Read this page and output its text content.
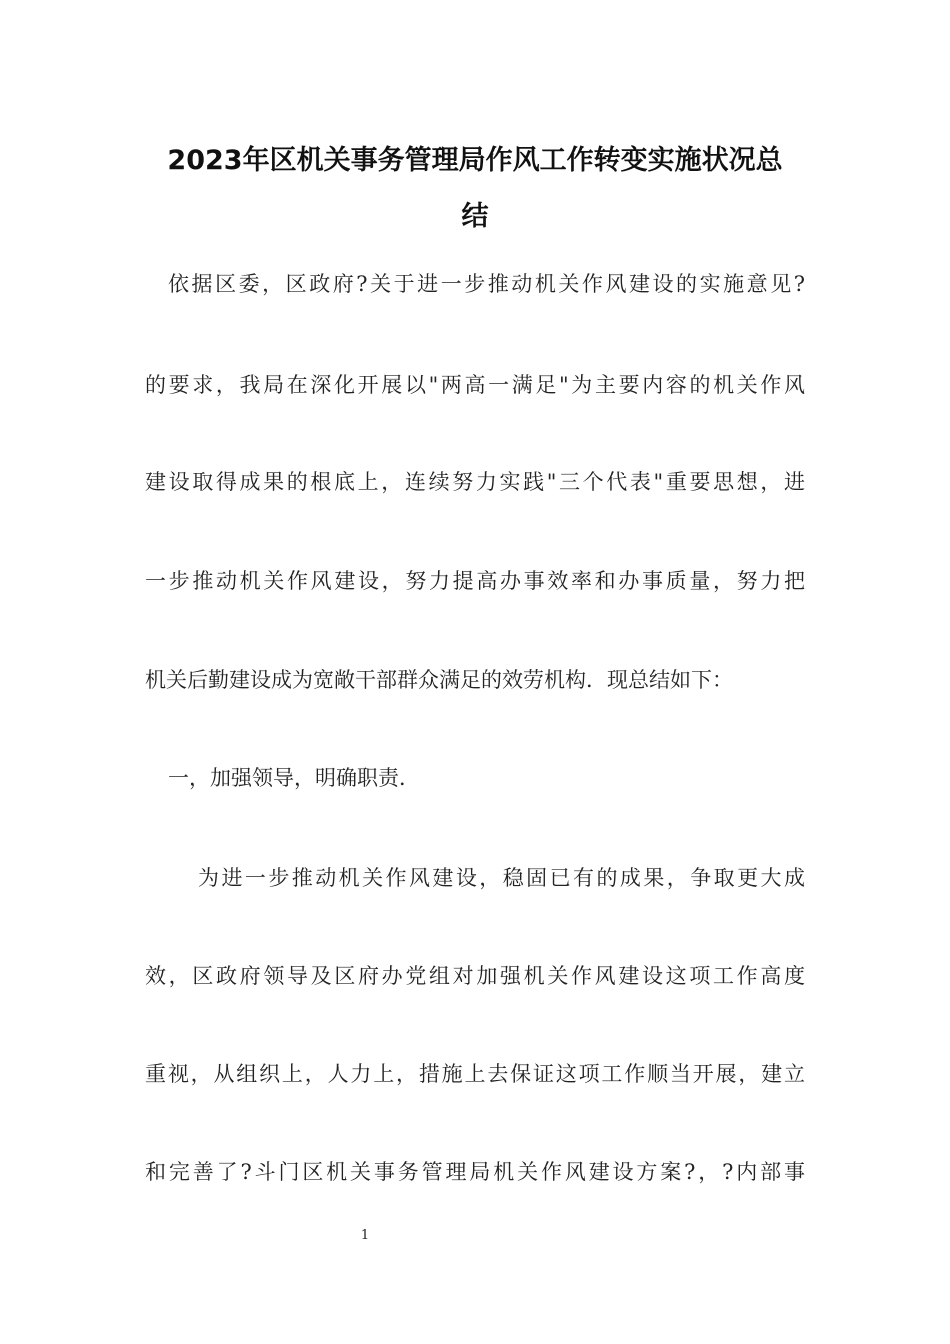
2023年区机关事务管理局作风工作转变实施状况总
结
依据区委，区政府?关于进一步推动机关作风建设的实施意见?
的要求，我局在深化开展以"两高一满足"为主要内容的机关作风
建设取得成果的根底上，连续努力实践"三个代表"重要思想，进
一步推动机关作风建设，努力提高办事效率和办事质量，努力把
机关后勤建设成为宽敞干部群众满足的效劳机构．现总结如下：
一，加强领导，明确职责．
为进一步推动机关作风建设，稳固已有的成果，争取更大成
效，区政府领导及区府办党组对加强机关作风建设这项工作高度
重视，从组织上，人力上，措施上去保证这项工作顺当开展，建立
和完善了?斗门区机关事务管理局机关作风建设方案?，?内部事
1
